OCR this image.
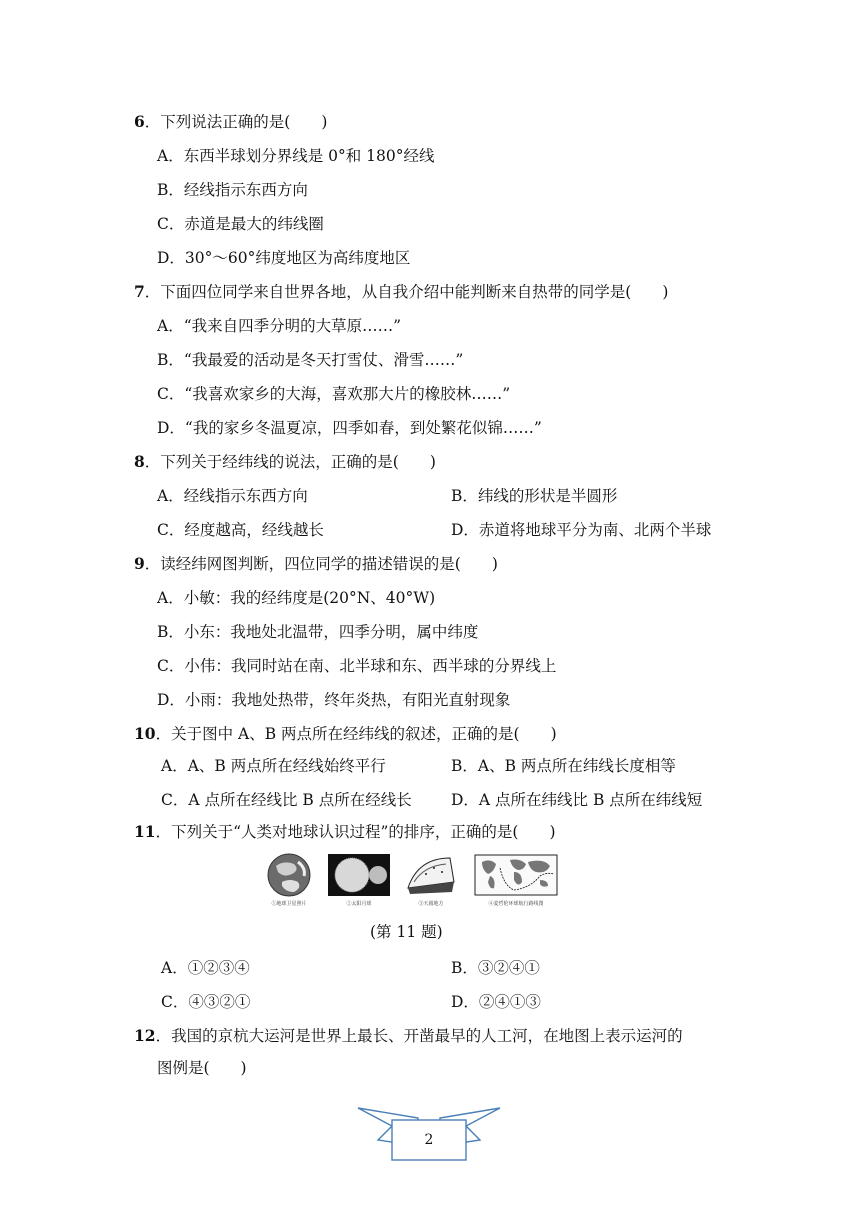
6．下列说法正确的是(　　)
A．东西半球划分界线是 0°和 180°经线
B．经线指示东西方向
C．赤道是最大的纬线圈
D．30°～60°纬度地区为高纬度地区
7．下面四位同学来自世界各地，从自我介绍中能判断来自热带的同学是(　　)
A．“我来自四季分明的大草原……”
B．“我最爱的活动是冬天打雪仗、滑雪……”
C．“我喜欢家乡的大海，喜欢那大片的橡胶林……”
D．“我的家乡冬温夏凉，四季如春，到处繁花似锦……”
8．下列关于经纬线的说法，正确的是(　　)
A．经线指示东西方向	B．纬线的形状是半圆形
C．经度越高，经线越长	D．赤道将地球平分为南、北两个半球
9．读经纬网图判断，四位同学的描述错误的是(　　)
A．小敏：我的经纬度是(20°N、40°W)
B．小东：我地处北温带，四季分明，属中纬度
C．小伟：我同时站在南、北半球和东、西半球的分界线上
D．小雨：我地处热带，终年炎热，有阳光直射现象
10．关于图中 A、B 两点所在经纬线的叙述，正确的是(　　)
A．A、B 两点所在经线始终平行	B．A、B 两点所在纬线长度相等
C．A 点所在经线比 B 点所在经线长	D．A 点所在纬线比 B 点所在纬线短
11．下列关于“人类对地球认识过程”的排序，正确的是(　　)
①地球卫星照片	②太阳月球	③天圆地方	④麦哲伦环球航行路线图
(第 11 题)
A．①②③④	B．③②④①
C．④③②①	D．②④①③
12．我国的京杭大运河是世界上最长、开凿最早的人工河，在地图上表示运河的
图例是(　　)
2
